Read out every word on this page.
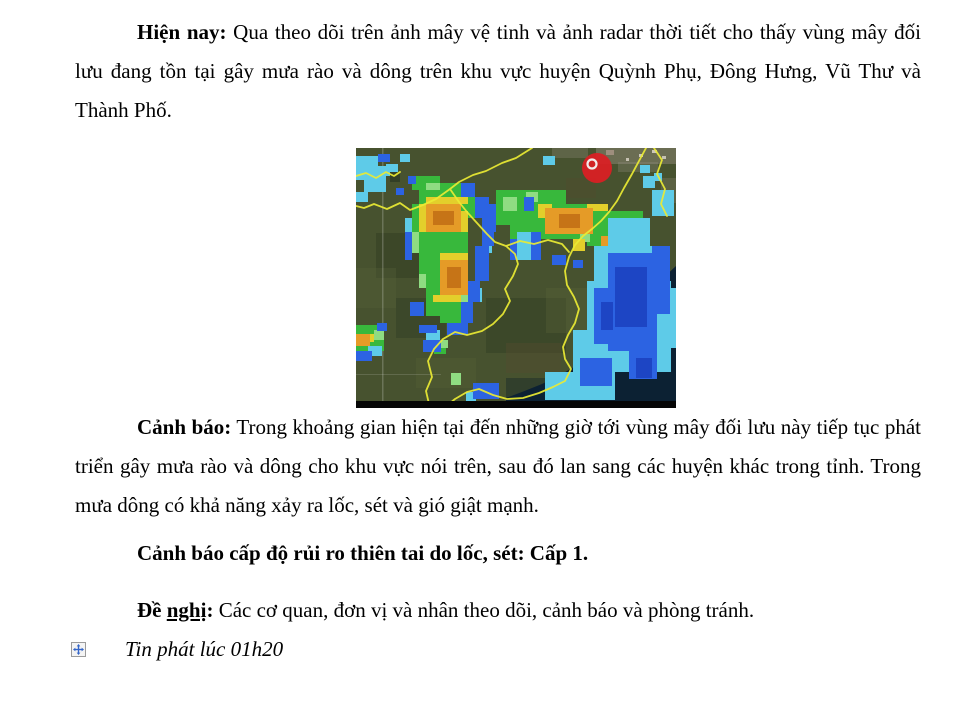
Hiện nay: Qua theo dõi trên ảnh mây vệ tinh và ảnh radar thời tiết cho thấy vùng mây đối lưu đang tồn tại gây mưa rào và dông trên khu vực huyện Quỳnh Phụ, Đông Hưng, Vũ Thư và Thành Phố.

Cảnh báo: Trong khoảng gian hiện tại đến những giờ tới vùng mây đối lưu này tiếp tục phát triển gây mưa rào và dông cho khu vực nói trên, sau đó lan sang các huyện khác trong tỉnh. Trong mưa dông có khả năng xảy ra lốc, sét và gió giật mạnh.

Cảnh báo cấp độ rủi ro thiên tai do lốc, sét: Cấp 1.

Đề nghị: Các cơ quan, đơn vị và nhân theo dõi, cảnh báo và phòng tránh.

Tin phát lúc 01h20
